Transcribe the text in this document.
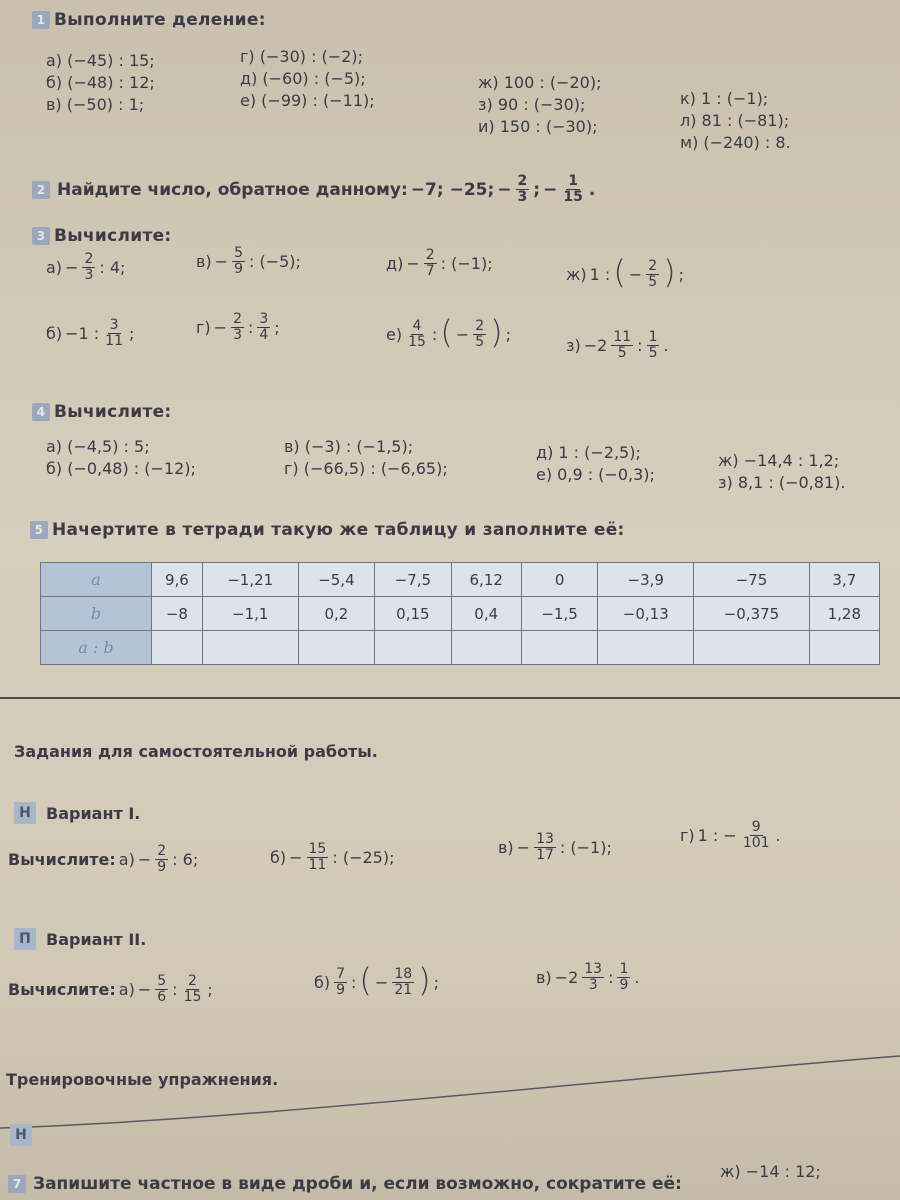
1 Выполните деление:
а) (−45) : 15;
б) (−48) : 12;
в) (−50) : 1;
г) (−30) : (−2);
д) (−60) : (−5);
е) (−99) : (−11);
ж) 100 : (−20);
з) 90 : (−30);
и) 150 : (−30);
к) 1 : (−1);
л) 81 : (−81);
м) (−240) : 8.
2 Найдите число, обратное данному: −7; −25; − $\frac{2}{3}$ ; − $\frac{1}{15}$ .
3 Вычислите:
$а) - \frac{2}{3}$ : 4;
б) −1 : $\frac{3}{11}$ ;
$в) - \frac{5}{9}$ : (−5);
$г) - \frac{2}{3}$ : $\frac{3}{4}$ ;
$д) - \frac{2}{7}$ : (−1);
$е) \frac{4}{15}$ : ( − $\frac{2}{5}$ ) ;
ж) 1 : ( − $\frac{2}{5}$ ) ;
$з) -2 \frac{11}{5}$ : $\frac{1}{5}$ .
4 Вычислите:
а) (−4,5) : 5;
б) (−0,48) : (−12);
в) (−3) : (−1,5);
г) (−66,5) : (−6,65);
д) 1 : (−2,5);
е) 0,9 : (−0,3);
ж) −14,4 : 1,2;
з) 8,1 : (−0,81).
5 Начертите в тетради такую же таблицу и заполните её:
a	9,6	−1,21	−5,4	−7,5	6,12	0	−3,9	−75	3,7
b	−8	−1,1	0,2	0,15	0,4	−1,5	−0,13	−0,375	1,28
a : b									
Задания для самостоятельной работы.
Н Вариант I.
Вычислите: $а) - \frac{2}{9}$ : 6;	$б) - \frac{15}{11}$ : (−25);
$в) - \frac{13}{17}$ : (−1);
г) 1 : − $\frac{9}{101}$ .
П Вариант II.
Вычислите: $а) - \frac{5}{6}$ : $\frac{2}{15}$ ;	$б) \frac{7}{9}$ : ( − $\frac{18}{21}$ ) ;	$в) -2 \frac{13}{3}$ : $\frac{1}{9}$ .
Тренировочные упражнения.
Н
7 Запишите частное в виде дроби и, если возможно, сократите её:
ж) −14 : 12;
